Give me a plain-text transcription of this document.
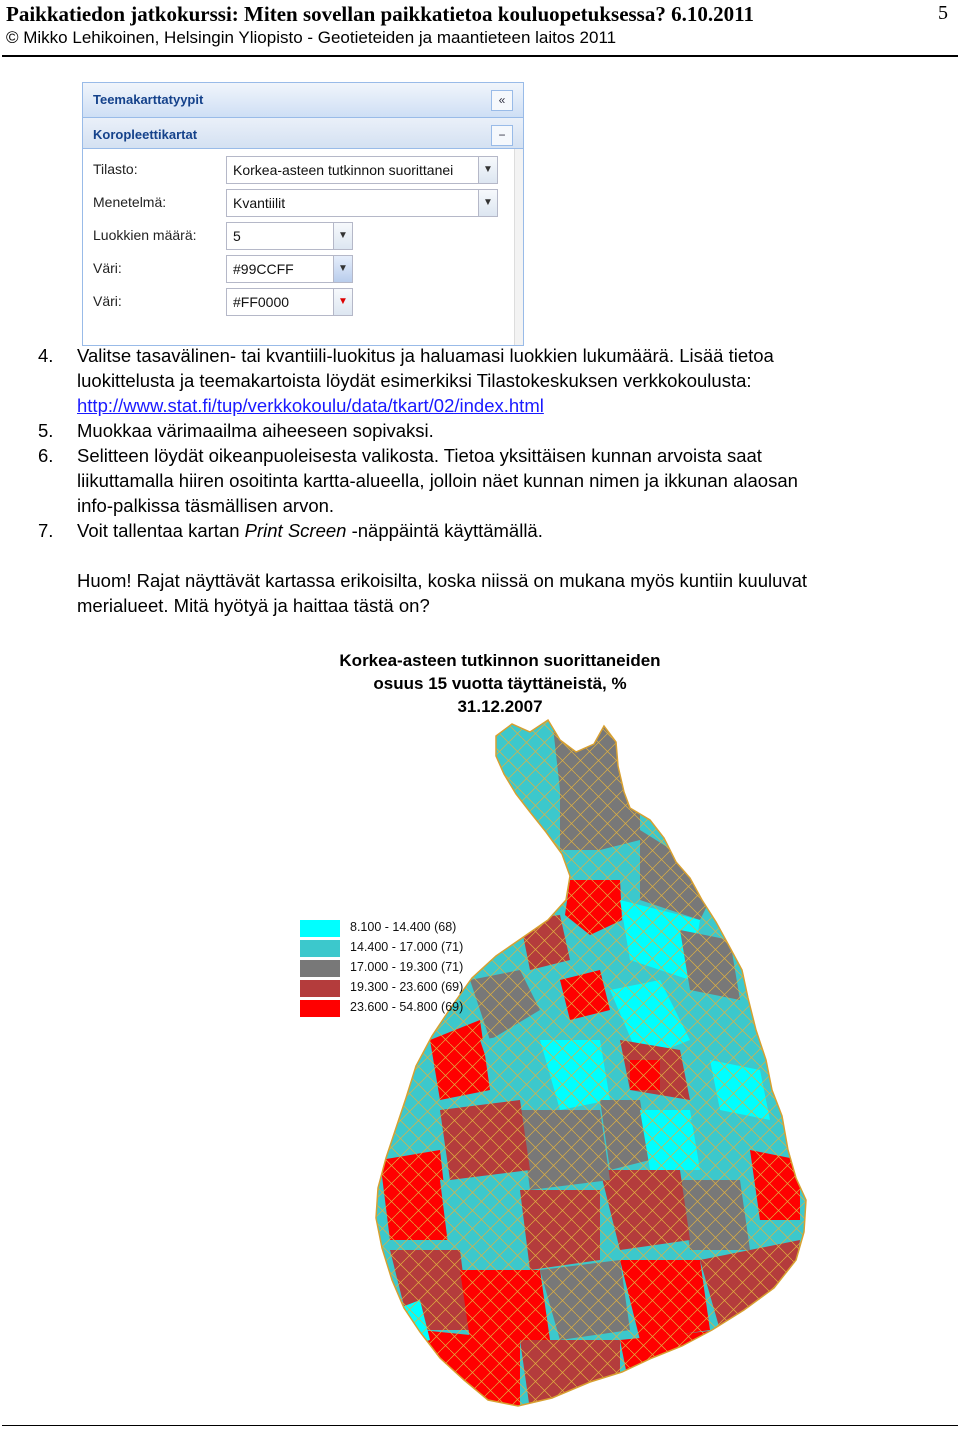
Paikkatiedon jatkokurssi: Miten sovellan paikkatietoa kouluopetuksessa? 6.10.2011	5
© Mikko Lehikoinen, Helsingin Yliopisto - Geotieteiden ja maantieteen laitos 2011
Teemakarttatyypit	«
Koropleettikartat	−
Tilasto:	Korkea-asteen tutkinnon suorittanei	▼
Menetelmä:	Kvantiilit	▼
Luokkien määrä:	5	▼
Väri:	#99CCFF	▼
Väri:	#FF0000	▼
4. Valitse tasavälinen- tai kvantiili-luokitus ja haluamasi luokkien lukumäärä. Lisää tietoa
luokittelusta ja teemakartoista löydät esimerkiksi Tilastokeskuksen verkkokoulusta:
http://www.stat.fi/tup/verkkokoulu/data/tkart/02/index.html
5. Muokkaa värimaailma aiheeseen sopivaksi.
6. Selitteen löydät oikeanpuoleisesta valikosta. Tietoa yksittäisen kunnan arvoista saat
liikuttamalla hiiren osoitinta kartta-alueella, jolloin näet kunnan nimen ja ikkunan alaosan
info-palkissa täsmällisen arvon.
7. Voit tallentaa kartan Print Screen -näppäintä käyttämällä.
Huom! Rajat näyttävät kartassa erikoisilta, koska niissä on mukana myös kuntiin kuuluvat
merialueet. Mitä hyötyä ja haittaa tästä on?
Korkea-asteen tutkinnon suorittaneiden
osuus 15 vuotta täyttäneistä, %
31.12.2007
8.100 - 14.400 (68)
14.400 - 17.000 (71)
17.000 - 19.300 (71)
19.300 - 23.600 (69)
23.600 - 54.800 (69)
